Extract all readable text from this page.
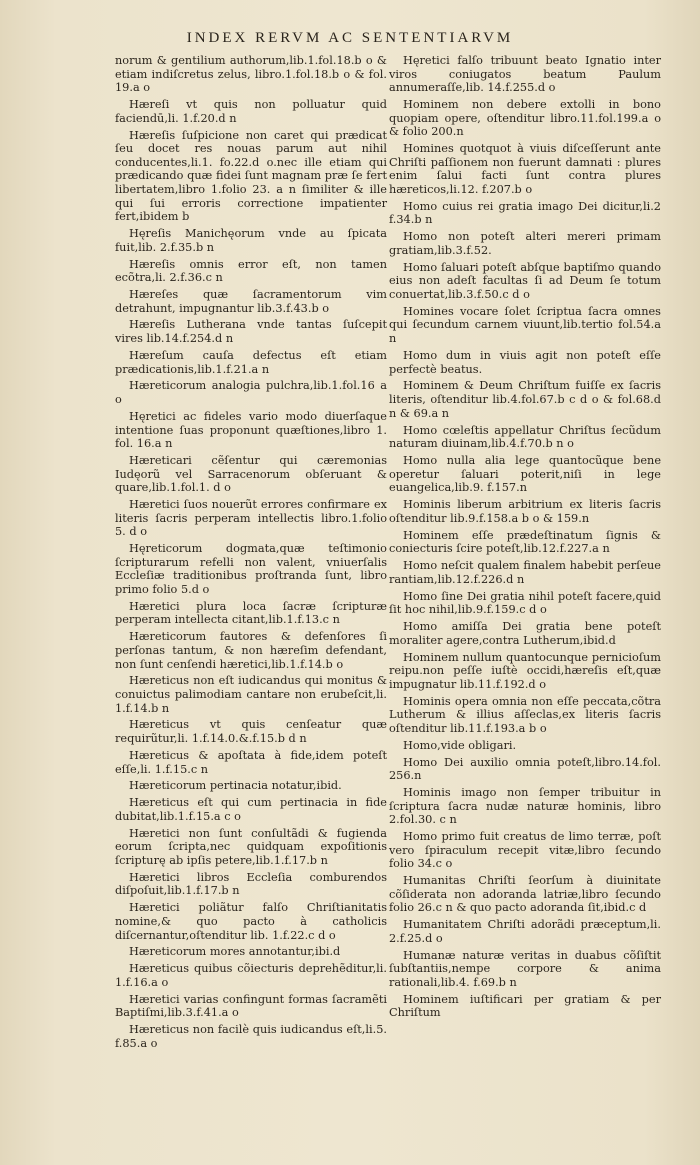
INDEX RERVM AC SENTENTIARVM

norum & gentilium authorum,lib.1.fol.18.b o & etiam indiſcretus zelus, libro.1.fol.18.b o & fol. 19.a o

Hæreſi vt quis non polluatur quid faciendū,li. 1.f.20.d n

Hæreſis ſuſpicione non caret qui prædicat ſeu docet res nouas parum aut nihil conducentes,li.1. fo.22.d o.nec ille etiam qui prædicando quæ fidei ſunt magnam præ ſe fert libertatem,libro 1.folio 23. a n ſimiliter & ille qui ſui erroris correctione impatienter fert,ibidem b

Hęreſis Manichęorum vnde au ſpicata fuit,lib. 2.f.35.b n

Hæreſis omnis error eſt, non tamen ecõtra,li. 2.f.36.c n

Hæreſes quæ ſacramentorum vim detrahunt, impugnantur lib.3.f.43.b o

Hæreſis Lutherana vnde tantas ſuſcepit vires lib.14.f.254.d n

Hæreſum cauſa defectus eſt etiam prædicationis,lib.1.f.21.a n

Hæreticorum analogia pulchra,lib.1.fol.16 a o

Hęretici ac fideles vario modo diuerſaque intentione ſuas proponunt quæſtiones,libro 1. fol. 16.a n

Hæreticari cẽſentur qui cæremonias Iudęorũ vel Sarracenorum obſeruant & quare,lib.1.fol.1. d o

Hæretici ſuos nouerũt errores confirmare ex literis ſacris perperam intellectis libro.1.folio 5. d o

Hęreticorum dogmata,quæ teſtimonio ſcripturarum refelli non valent, vniuerſalis Eccleſiæ traditionibus proſtranda ſunt, libro primo folio 5.d o

Hæretici plura loca ſacræ ſcripturæ perperam intellecta citant,lib.1.f.13.c n

Hæreticorum fautores & defenſores ſi perſonas tantum, & non hæreſim defendant, non ſunt cenſendi hæretici,lib.1.f.14.b o

Hæreticus non eſt iudicandus qui monitus & conuictus palimodiam cantare non erubeſcit,li. 1.f.14.b n

Hæreticus vt quis cenſeatur quæ requirũtur,li. 1.f.14.0.&.f.15.b d n

Hæreticus & apoſtata à fide,idem poteſt eſſe,li. 1.f.15.c n

Hæreticorum pertinacia notatur,ibid.

Hæreticus eſt qui cum pertinacia in fide dubitat,lib.1.f.15.a c o

Hæretici non ſunt conſultãdi & fugienda eorum ſcripta,nec quidquam expoſitionis ſcripturę ab ipſis petere,lib.1.f.17.b n

Hæretici libros Eccleſia comburendos diſpoſuit,lib.1.f.17.b n

Hæretici poliãtur falſo Chriſtianitatis nomine,& quo pacto à catholicis diſcernantur,oſtenditur lib. 1.f.22.c d o

Hæreticorum mores annotantur,ibi.d

Hæreticus quibus cõiecturis deprehẽditur,li. 1.f.16.a o

Hæretici varias confingunt formas ſacramẽti Baptiſmi,lib.3.f.41.a o

Hæreticus non facilè quis iudicandus eſt,li.5. f.85.a o

Hęretici falſo tribuunt beato Ignatio inter viros coniugatos beatum Paulum annumeraſſe,lib. 14.f.255.d o

Hominem non debere extolli in bono quopiam opere, oſtenditur libro.11.fol.199.a o & folio 200.n

Homines quotquot à viuis diſceſſerunt ante Chriſti paſſionem non fuerunt damnati : plures enim ſalui facti ſunt contra plures hæreticos,li.12. f.207.b o

Homo cuius rei gratia imago Dei dicitur,li.2 f.34.b n

Homo non poteſt alteri mereri primam gratiam,lib.3.f.52.

Homo ſaluari poteſt abſque baptiſmo quando eius non adeſt facultas ſi ad Deum ſe totum conuertat,lib.3.f.50.c d o

Homines vocare ſolet ſcriptua ſacra omnes qui ſecundum carnem viuunt,lib.tertio fol.54.a n

Homo dum in viuis agit non poteſt eſſe perfectè beatus.

Hominem & Deum Chriſtum fuiſſe ex ſacris literis, oſtenditur lib.4.fol.67.b c d o & fol.68.d n & 69.a n

Homo cœleſtis appellatur Chriſtus ſecũdum naturam diuinam,lib.4.f.70.b n o

Homo nulla alia lege quantocũque bene operetur ſaluari poterit,niſi in lege euangelica,lib.9. f.157.n

Hominis liberum arbitrium ex literis ſacris oſtenditur lib.9.f.158.a b o & 159.n

Hominem eſſe prædeſtinatum ſignis & coniecturis ſcire poteſt,lib.12.f.227.a n

Homo neſcit qualem finalem habebit perſeue rantiam,lib.12.f.226.d n

Homo ſine Dei gratia nihil poteſt facere,quid ſit hoc nihil,lib.9.f.159.c d o

Homo amiſſa Dei gratia bene poteſt moraliter agere,contra Lutherum,ibid.d

Hominem nullum quantocunque pernicioſum reipu.non peſſe iuſtè occidi,hæreſis eſt,quæ impugnatur lib.11.f.192.d o

Hominis opera omnia non eſſe peccata,cõtra Lutherum & illius aſſeclas,ex literis ſacris oſtenditur lib.11.f.193.a b o

Homo,vide obligari.

Homo Dei auxilio omnia poteſt,libro.14.fol. 256.n

Hominis imago non ſemper tribuitur in ſcriptura ſacra nudæ naturæ hominis, libro 2.fol.30. c n

Homo primo fuit creatus de limo terræ, poſt vero ſpiraculum recepit vitæ,libro ſecundo folio 34.c o

Humanitas Chriſti ſeorſum à diuinitate cõſiderata non adoranda latriæ,libro ſecundo folio 26.c n & quo pacto adoranda ſit,ibid.c d

Humanitatem Chriſti adorãdi præceptum,li. 2.f.25.d o

Humanæ naturæ veritas in duabus cõſiſtit ſubſtantiis,nempe corpore & anima rationali,lib.4. f.69.b n

Hominem iuſtificari per gratiam & per Chriſtum
